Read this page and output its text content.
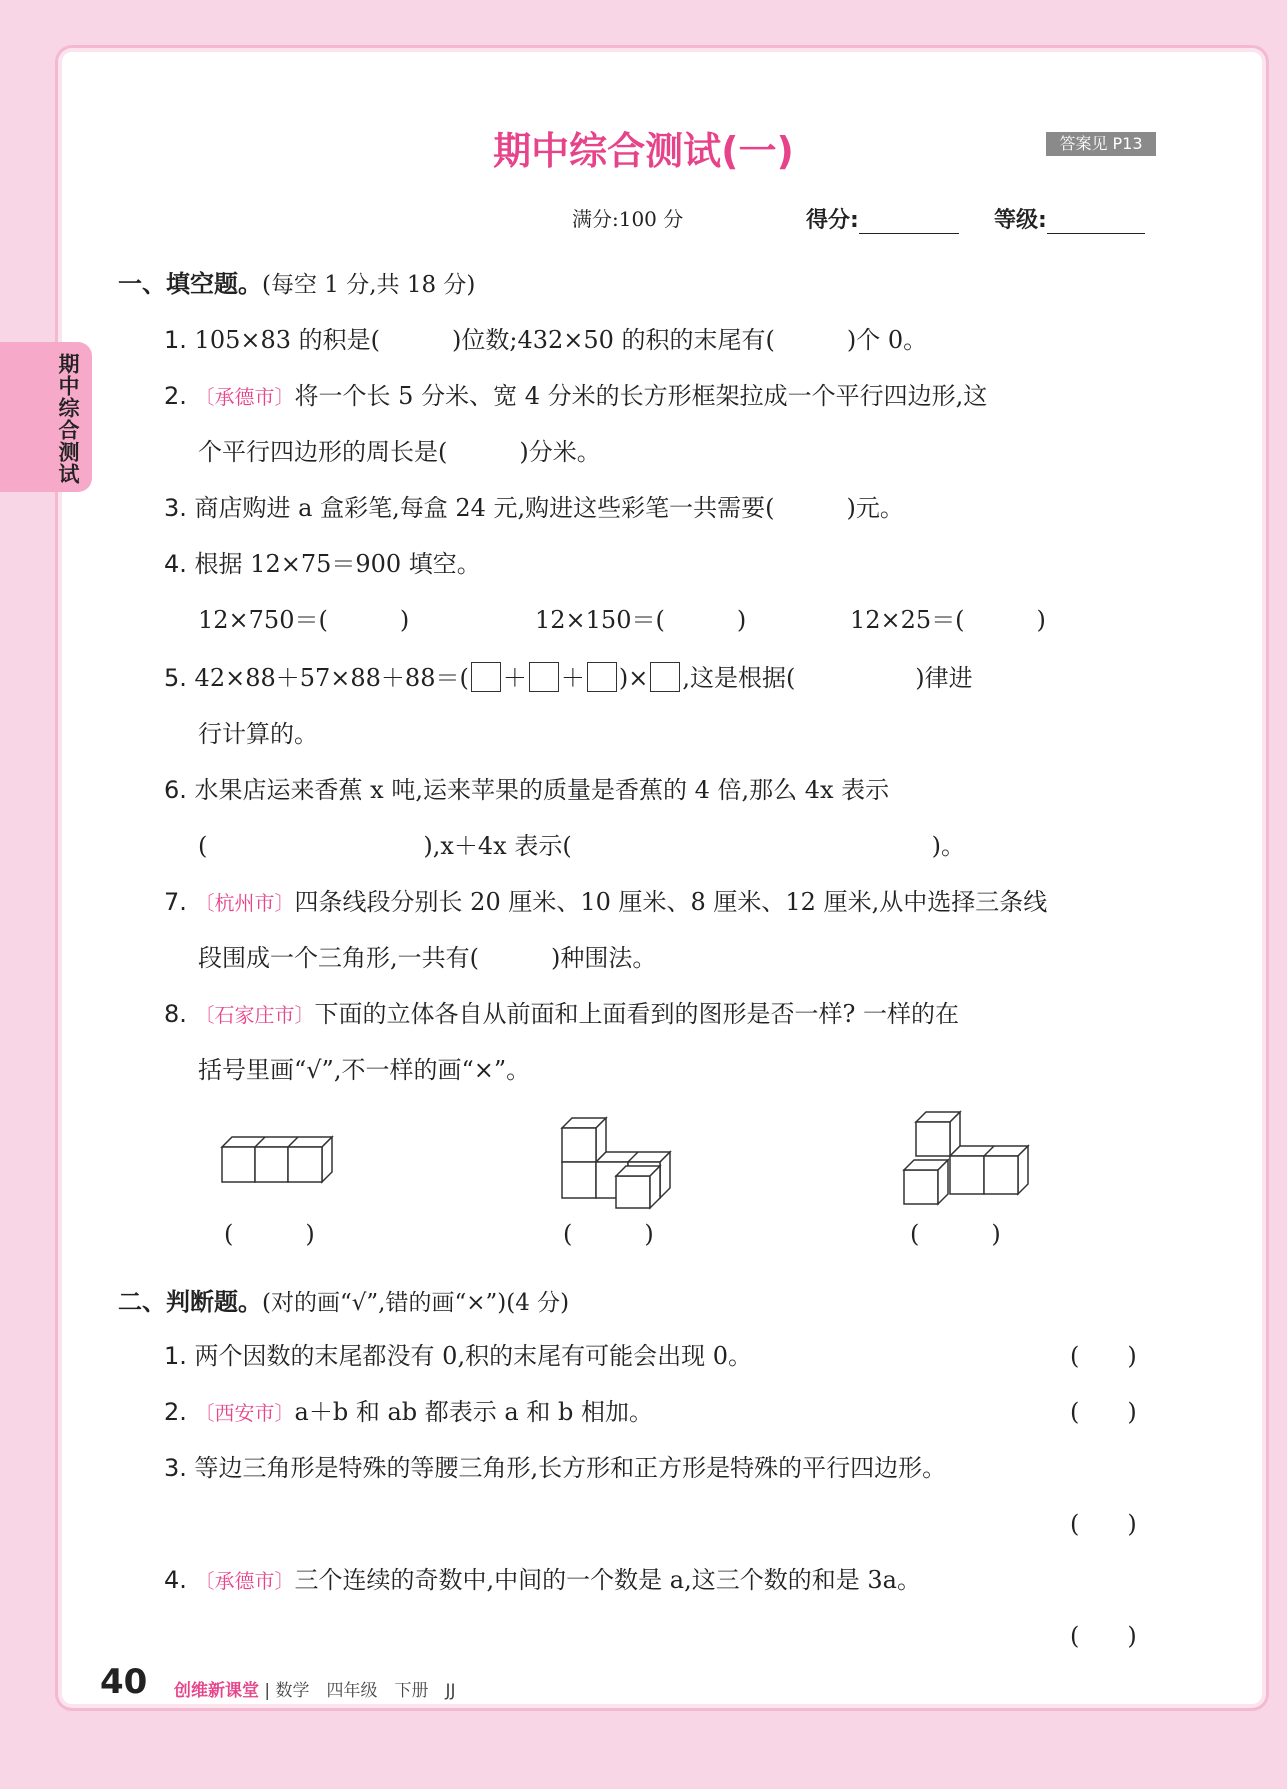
期中综合测试
期中综合测试(一)	答案见 P13
满分:100 分	得分:	等级:
一、填空题。(每空 1 分,共 18 分)
1. 105×83 的积是(　　　)位数;432×50 的积的末尾有(　　　)个 0。
2. 〔承德市〕将一个长 5 分米、宽 4 分米的长方形框架拉成一个平行四边形,这
个平行四边形的周长是(　　　)分米。
3. 商店购进 a 盒彩笔,每盒 24 元,购进这些彩笔一共需要(　　　)元。
4. 根据 12×75＝900 填空。
12×750＝(　　　)	12×150＝(　　　)	12×25＝(　　　)
5. 42×88＋57×88＋88＝( ＋ ＋ )× ,这是根据(　　　　　)律进
行计算的。
6. 水果店运来香蕉 x 吨,运来苹果的质量是香蕉的 4 倍,那么 4x 表示
(　　　　　　　　　),x＋4x 表示(　　　　　　　　　　　　　　　)。
7. 〔杭州市〕四条线段分别长 20 厘米、10 厘米、8 厘米、12 厘米,从中选择三条线
段围成一个三角形,一共有(　　　)种围法。
8. 〔石家庄市〕下面的立体各自从前面和上面看到的图形是否一样? 一样的在
括号里画“√”,不一样的画“×”。
(　　　)	(　　　)	(　　　)
二、判断题。(对的画“√”,错的画“×”)(4 分)
1. 两个因数的末尾都没有 0,积的末尾有可能会出现 0。	(　　)
2. 〔西安市〕a＋b 和 ab 都表示 a 和 b 相加。	(　　)
3. 等边三角形是特殊的等腰三角形,长方形和正方形是特殊的平行四边形。
(　　)
4. 〔承德市〕三个连续的奇数中,中间的一个数是 a,这三个数的和是 3a。
(　　)
40 创维新课堂 | 数学　四年级　下册　JJ
